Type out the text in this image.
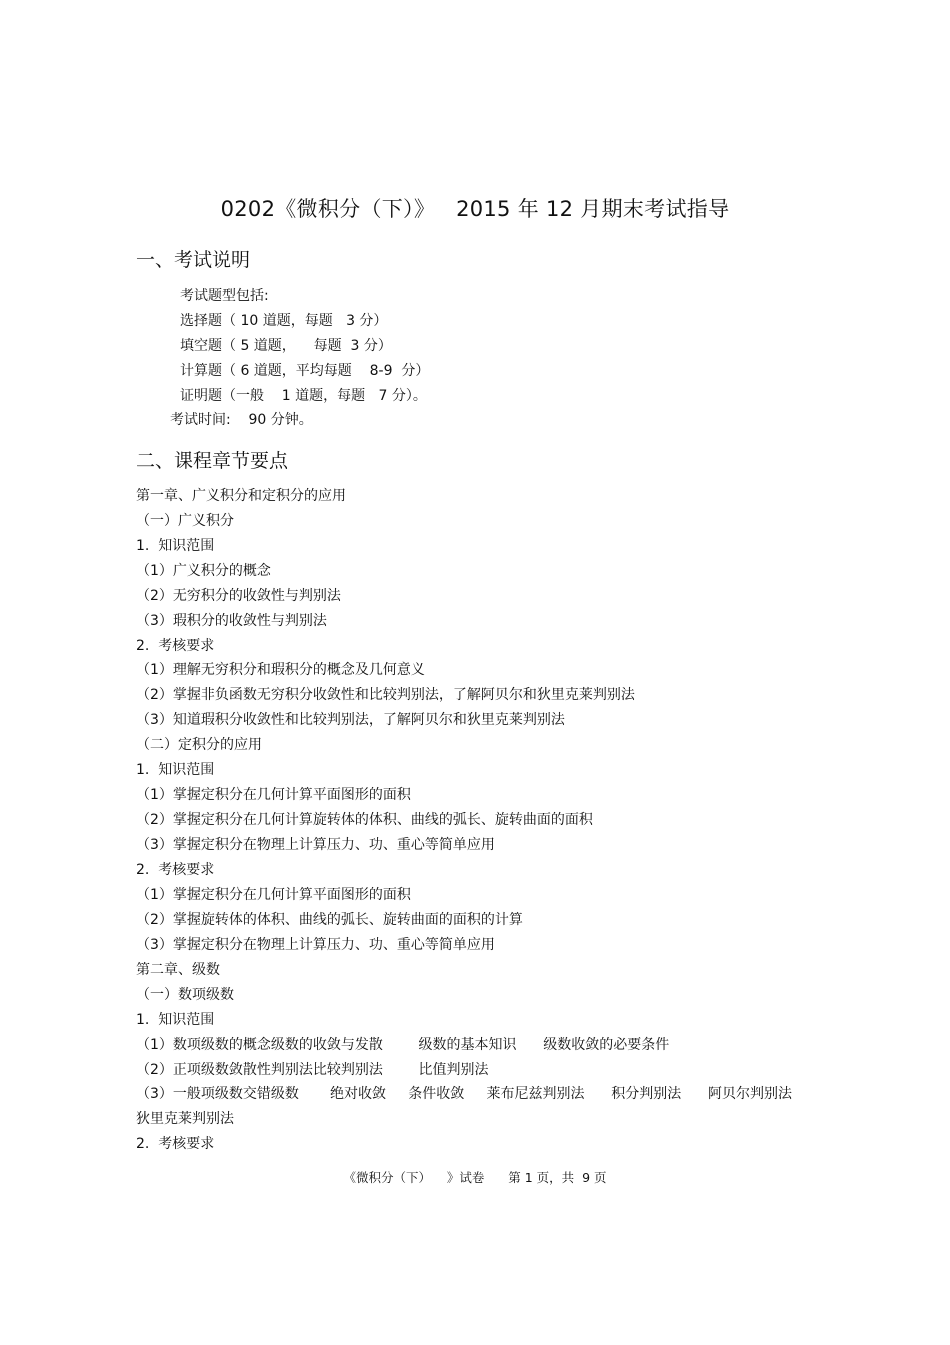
0202《微积分（下）》   2015 年 12 月期末考试指导
一、考试说明
考试题型包括:
选择题（ 10 道题，每题   3 分）
填空题（ 5 道题，    每题  3 分）
计算题（ 6 道题，平均每题    8-9  分）
证明题（一般    1 道题，每题   7 分）。
考试时间:    90 分钟。
二、课程章节要点
第一章、广义积分和定积分的应用
（一）广义积分
1.  知识范围
（1）广义积分的概念
（2）无穷积分的收敛性与判别法
（3）瑕积分的收敛性与判别法
2.  考核要求
（1）理解无穷积分和瑕积分的概念及几何意义
（2）掌握非负函数无穷积分收敛性和比较判别法，了解阿贝尔和狄里克莱判别法
（3）知道瑕积分收敛性和比较判别法，了解阿贝尔和狄里克莱判别法
（二）定积分的应用
1.  知识范围
（1）掌握定积分在几何计算平面图形的面积
（2）掌握定积分在几何计算旋转体的体积、曲线的弧长、旋转曲面的面积
（3）掌握定积分在物理上计算压力、功、重心等简单应用
2.  考核要求
（1）掌握定积分在几何计算平面图形的面积
（2）掌握旋转体的体积、曲线的弧长、旋转曲面的面积的计算
（3）掌握定积分在物理上计算压力、功、重心等简单应用
第二章、级数
（一）数项级数
1.  知识范围
（1）数项级数的概念级数的收敛与发散        级数的基本知识      级数收敛的必要条件
（2）正项级数敛散性判别法比较判别法        比值判别法
（3）一般项级数交错级数       绝对收敛     条件收敛     莱布尼兹判别法      积分判别法      阿贝尔判别法
狄里克莱判别法
2.  考核要求
《微积分（下）    》试卷      第 1 页，共  9 页
